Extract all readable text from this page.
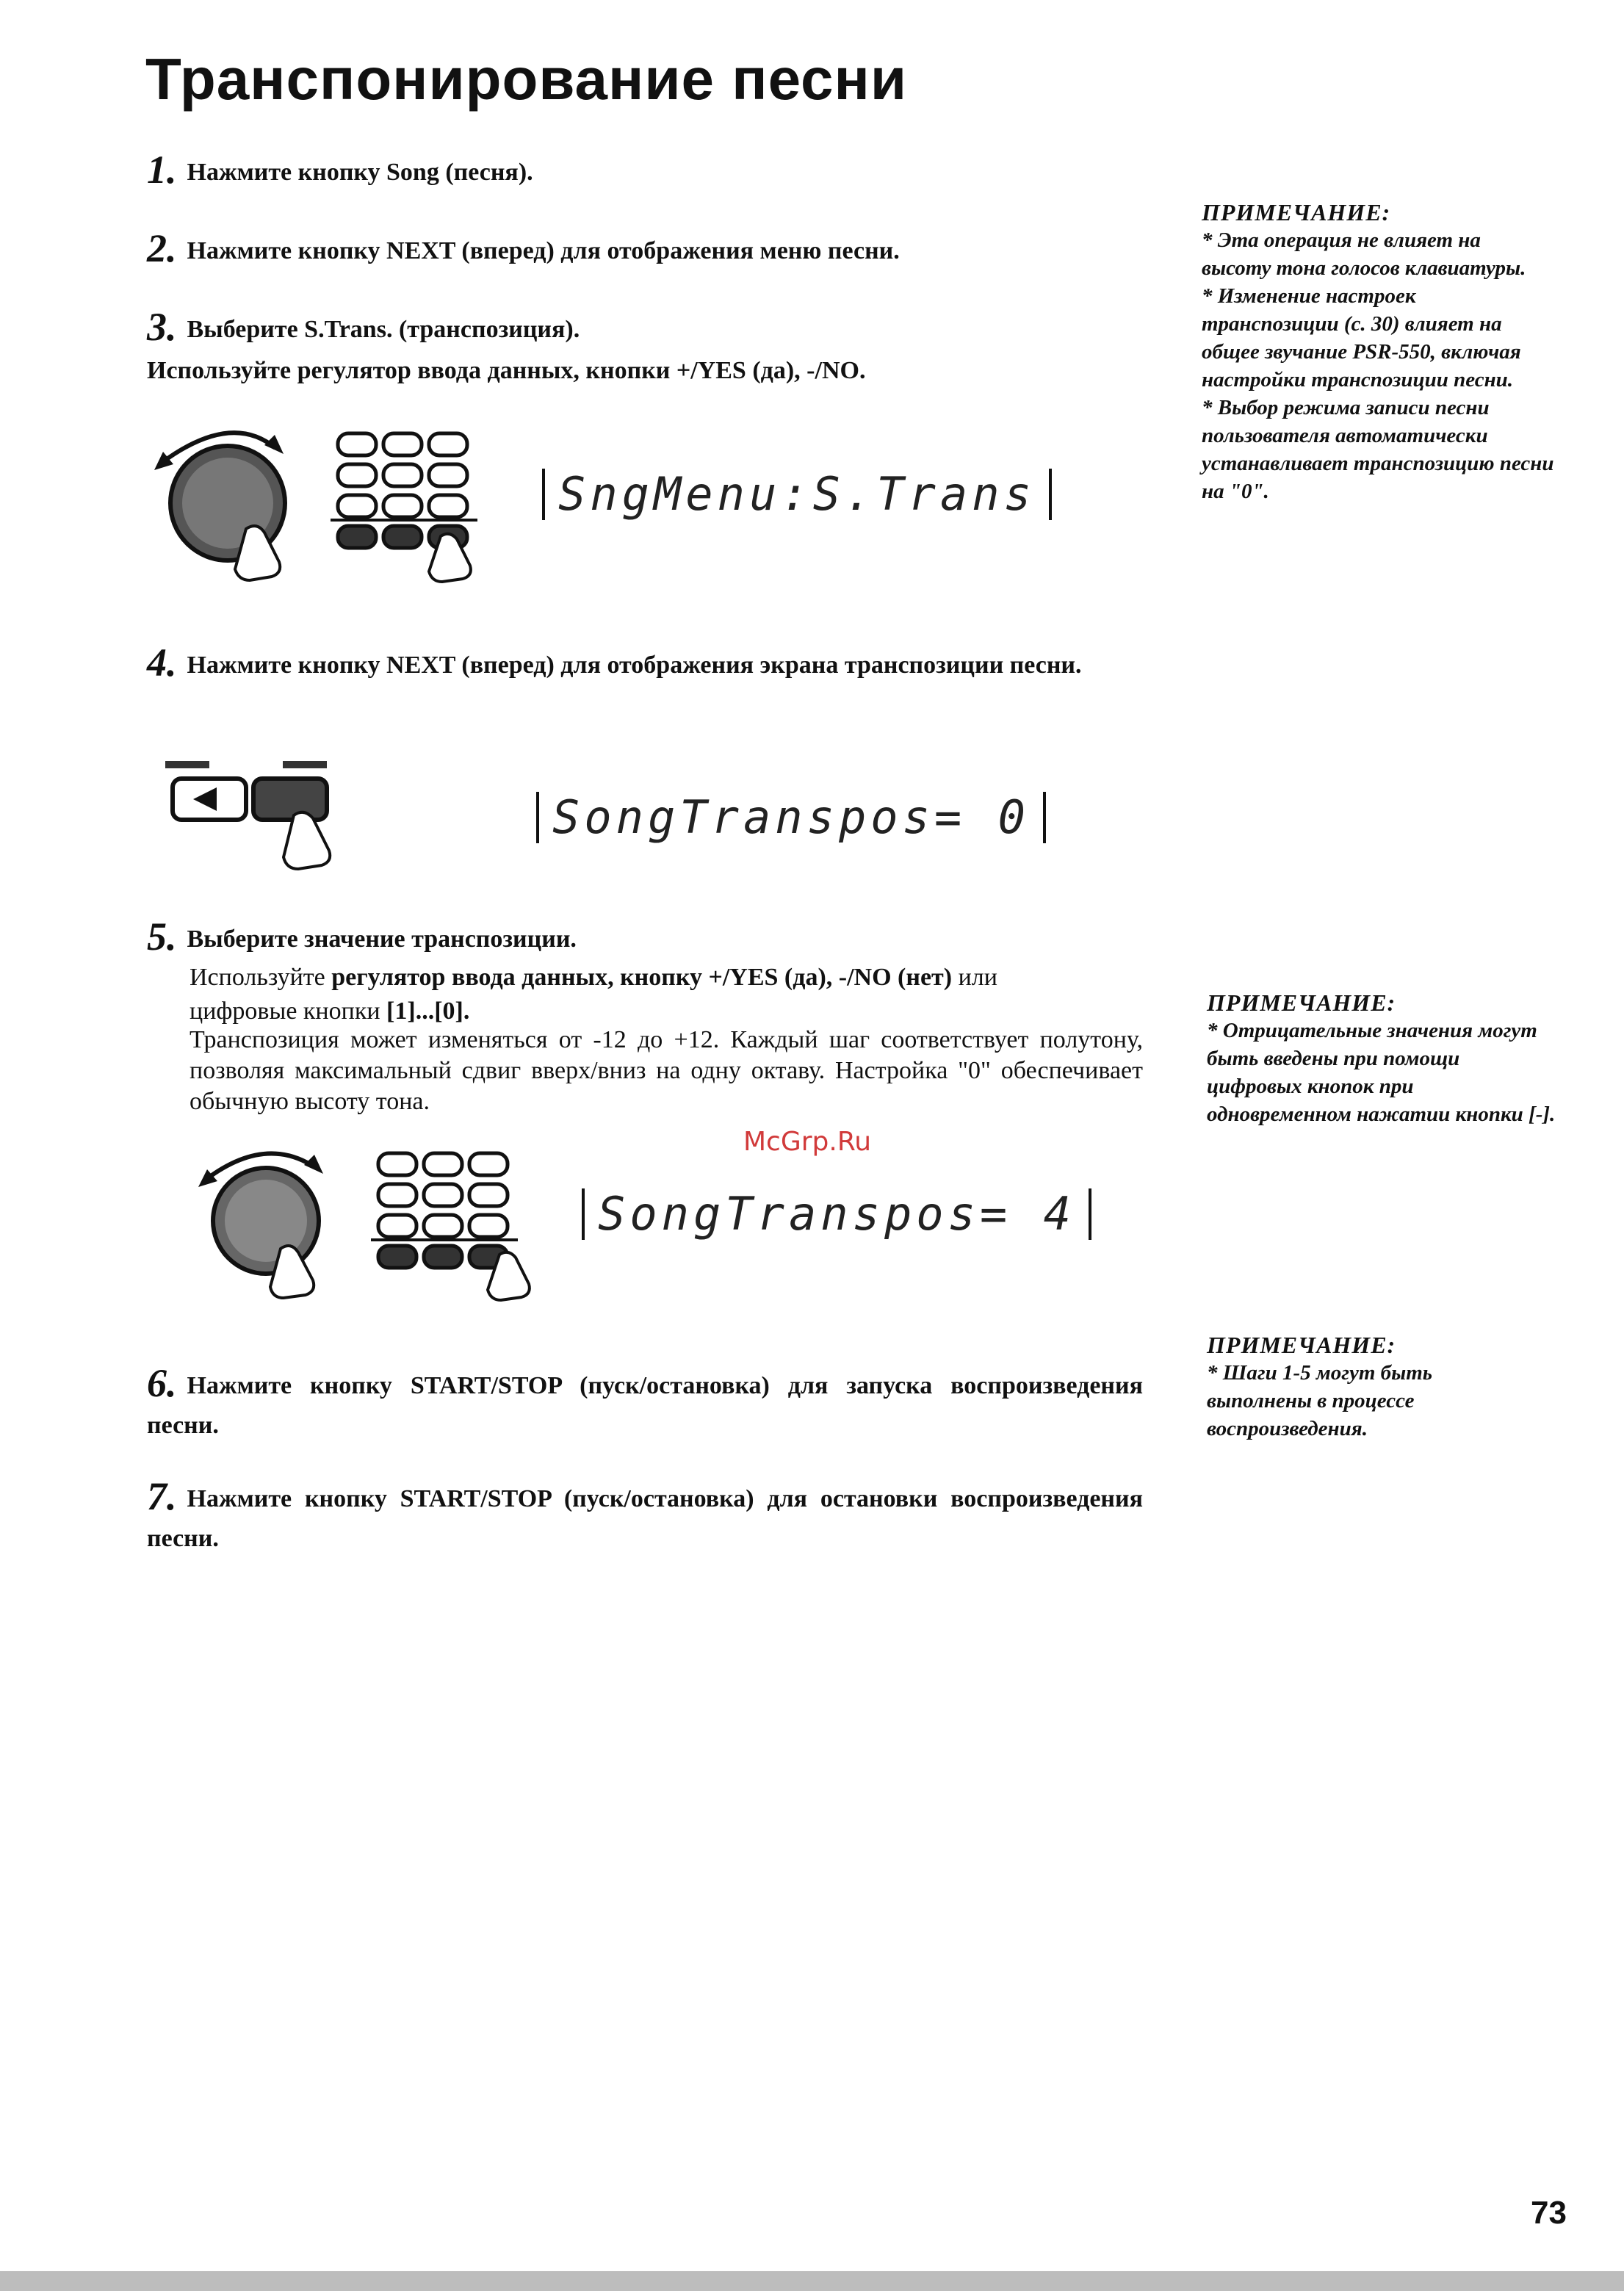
Транспонирование песни
1. Нажмите кнопку Song (песня).
2. Нажмите кнопку NEXT (вперед) для отображения меню песни.
3. Выберите S.Trans. (транспозиция).
Используйте регулятор ввода данных, кнопки +/YES (да), -/NO.
SngMenu:S.Trans
4. Нажмите кнопку NEXT (вперед) для отображения экрана транспозиции песни.
SongTranspos= 0
5. Выберите значение транспозиции.
Используйте регулятор ввода данных, кнопку +/YES (да), -/NO (нет) или
цифровые кнопки [1]...[0].
Транспозиция может изменяться от -12 до +12. Каждый шаг соответствует полутону, позволяя максимальный сдвиг вверх/вниз на одну октаву. Настройка "0" обеспечивает обычную высоту тона.
McGrp.Ru
SongTranspos= 4
6. Нажмите кнопку START/STOP (пуск/остановка) для запуска воспроизведения песни.
7. Нажмите кнопку START/STOP (пуск/остановка) для остановки воспроизведения песни.
ПРИМЕЧАНИЕ:
* Эта операция не влияет на высоту тона голосов клавиатуры.
* Изменение настроек транспозиции (с. 30) влияет на общее звучание PSR-550, включая настройки транспозиции песни.
* Выбор режима записи песни пользователя автоматически устанавливает транспозицию песни на "0".
ПРИМЕЧАНИЕ:
* Отрицательные значения могут быть введены при помощи цифровых кнопок при одновременном нажатии кнопки [-].
ПРИМЕЧАНИЕ:
* Шаги 1-5 могут быть выполнены в процессе воспроизведения.
73
